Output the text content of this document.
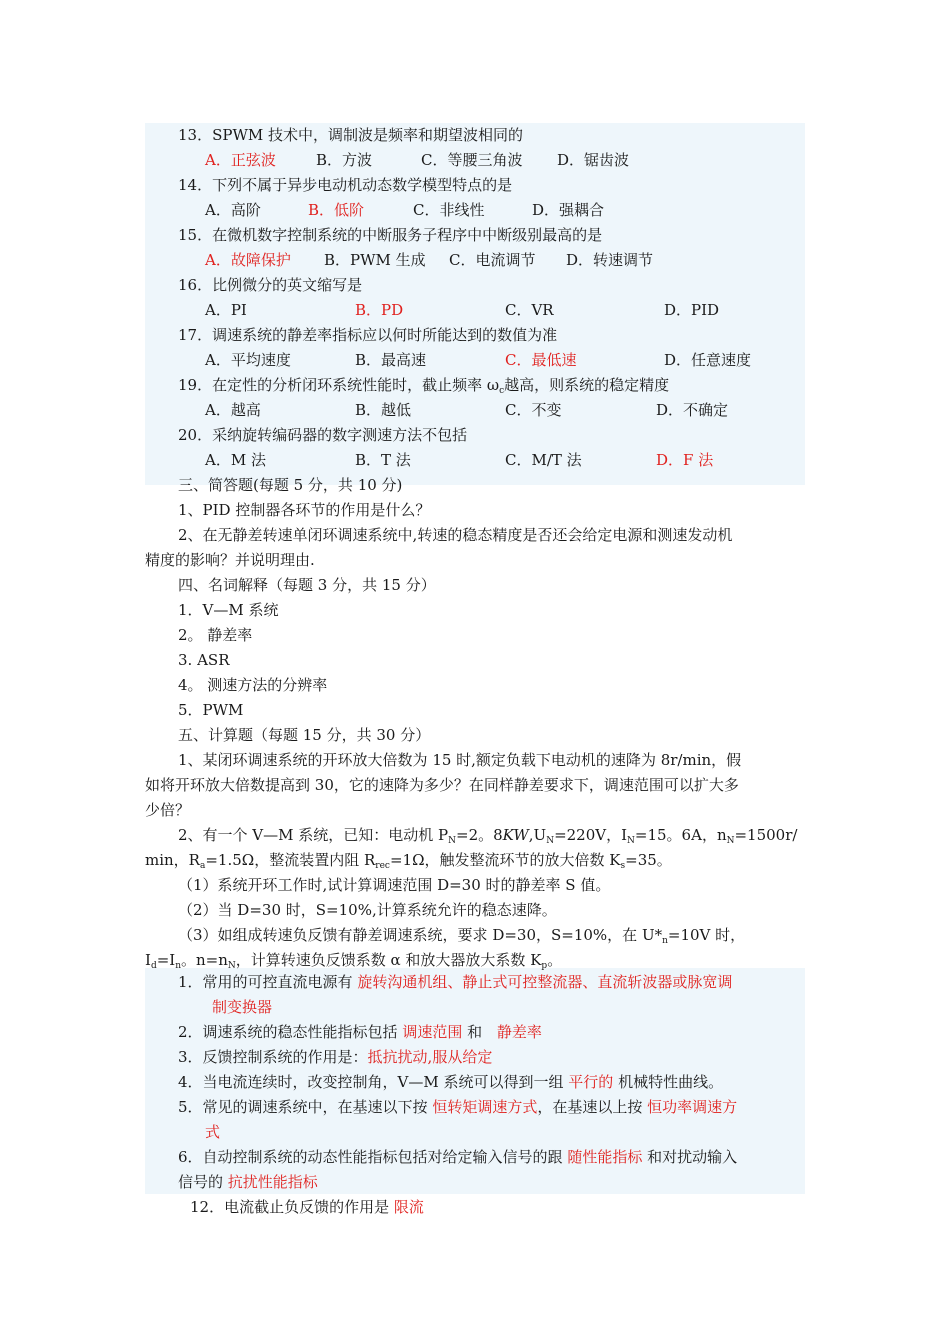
13．SPWM 技术中，调制波是频率和期望波相同的
A．正弦波	B．方波	C．等腰三角波 D．锯齿波
14．下列不属于异步电动机动态数学模型特点的是
A．高阶	B．低阶	C．非线性	D．强耦合
15．在微机数字控制系统的中断服务子程序中中断级别最高的是
A．故障保护 B．PWM 生成 C．电流调节 D．转速调节
16．比例微分的英文缩写是
A．PI	B．PD	C．VR	D．PID
17．调速系统的静差率指标应以何时所能达到的数值为准
A．平均速度	B．最高速	C．最低速	D．任意速度
19．在定性的分析闭环系统性能时，截止频率 $\omega_c$越高，则系统的稳定精度
A．越高	B．越低	C．不变	D．不确定
20．采纳旋转编码器的数字测速方法不包括
A．M 法	B．T 法	C．M/T 法	D．F 法
三、简答题(每题 5 分，共 10 分)
1、PID 控制器各环节的作用是什么？
2、在无静差转速单闭环调速系统中,转速的稳态精度是否还会给定电源和测速发动机
精度的影响？并说明理由.
四、名词解释（每题 3 分，共 15 分）
1．V—M 系统
2。 静差率
3. ASR
4。 测速方法的分辨率
5．PWM
五、计算题（每题 15 分，共 30 分）
1、某闭环调速系统的开环放大倍数为 15 时,额定负载下电动机的速降为 8r/min，假
如将开环放大倍数提高到 30，它的速降为多少？在同样静差要求下，调速范围可以扩大多
少倍？
2、有一个 V—M 系统，已知：电动机 $P_N=2$。$8KW,U_N=220V$，$I_N=15$。6A，$n_N=1500r/$
min，$R_a=1.5\Omega$，整流装置内阻 $R_{rec}=1\Omega$，触发整流环节的放大倍数 $K_s=35$。
（1）系统开环工作时,试计算调速范围 D=30 时的静差率 S 值。
（2）当 D=30 时，S=10%,计算系统允许的稳态速降。
（3）如组成转速负反馈有静差调速系统，要求 D=30，S=10%，在 $U*_n=10V$ 时，
$I_d=I_n$。$n=n_N$，计算转速负反馈系数 α 和放大器放大系数 $K_p$。
1．常用的可控直流电源有 旋转沟通机组、静止式可控整流器、直流斩波器或脉宽调
制变换器
2．调速系统的稳态性能指标包括 调速范围 和 静差率
3．反馈控制系统的作用是：抵抗扰动,服从给定
4．当电流连续时，改变控制角，V—M 系统可以得到一组 平行的 机械特性曲线。
5．常见的调速系统中，在基速以下按 恒转矩调速方式，在基速以上按 恒功率调速方
式
6．自动控制系统的动态性能指标包括对给定输入信号的跟 随性能指标 和对扰动输入
信号的 抗扰性能指标
12．电流截止负反馈的作用是 限流
